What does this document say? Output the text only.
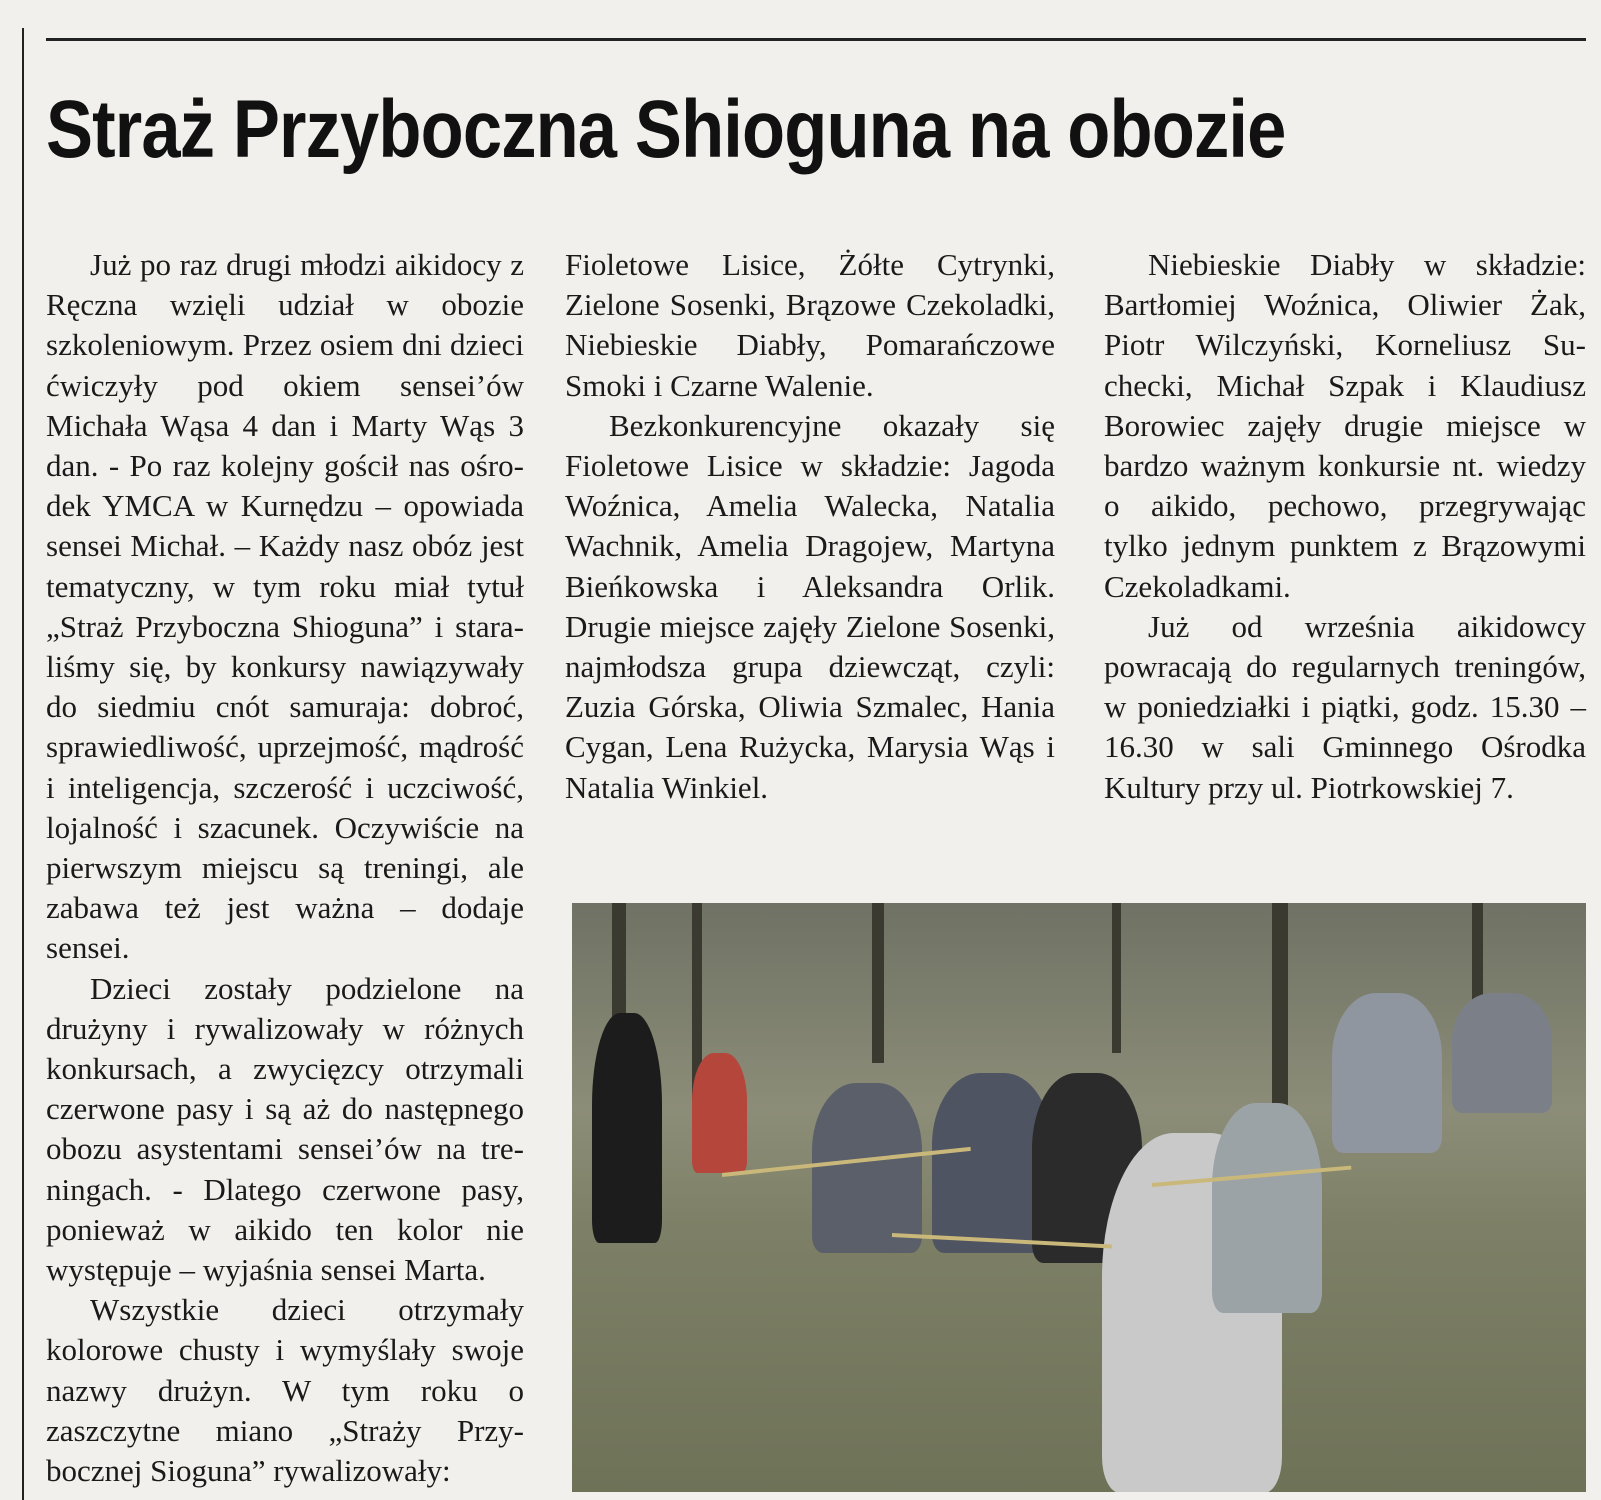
Straż Przyboczna Shioguna na obozie

Już po raz drugi młodzi aikidocy z Ręczna wzięli udział w obozie szkoleniowym. Przez osiem dni dzieci ćwiczyły pod okiem sensei’ów Michała Wąsa 4 dan i Marty Wąs 3 dan. - Po raz kolejny gościł nas ośrodek YMCA w Kurnędzu – opowiada sensei Michał. – Każdy nasz obóz jest tematyczny, w tym roku miał tytuł „Straż Przyboczna Shioguna” i staraliśmy się, by konkursy nawiązywały do siedmiu cnót samuraja: dobroć, sprawiedliwość, uprzejmość, mądrość i inteligencja, szczerość i uczciwość, lojalność i szacunek. Oczywiście na pierwszym miejscu są treningi, ale zabawa też jest ważna – dodaje sensei.

Dzieci zostały podzielone na drużyny i rywalizowały w różnych konkursach, a zwycięzcy otrzymali czerwone pasy i są aż do następnego obozu asystentami sensei’ów na treningach. - Dlatego czerwone pasy, ponieważ w aikido ten kolor nie występuje – wyjaśnia sensei Marta.

Wszystkie dzieci otrzymały kolorowe chusty i wymyślały swoje nazwy drużyn. W tym roku o zaszczytne miano „Straży Przybocznej Sioguna” rywalizowały:

Fioletowe Lisice, Żółte Cytrynki, Zielone Sosenki, Brązowe Czekoladki, Niebieskie Diabły, Pomarańczowe Smoki i Czarne Walenie.

Bezkonkurencyjne okazały się Fioletowe Lisice w składzie: Jagoda Woźnica, Amelia Walecka, Natalia Wachnik, Amelia Dragojew, Martyna Bieńkowska i Aleksandra Orlik. Drugie miejsce zajęły Zielone Sosenki, najmłodsza grupa dziewcząt, czyli: Zuzia Górska, Oliwia Szmalec, Hania Cygan, Lena Rużycka, Marysia Wąs i Natalia Winkiel.

Niebieskie Diabły w składzie: Bartłomiej Woźnica, Oliwier Żak, Piotr Wilczyński, Korneliusz Suchecki, Michał Szpak i Klaudiusz Borowiec zajęły drugie miejsce w bardzo ważnym konkursie nt. wiedzy o aikido, pechowo, przegrywając tylko jednym punktem z Brązowymi Czekoladkami.

Już od września aikidowcy powracają do regularnych treningów, w poniedziałki i piątki, godz. 15.30 – 16.30 w sali Gminnego Ośrodka Kultury przy ul. Piotrkowskiej 7.
